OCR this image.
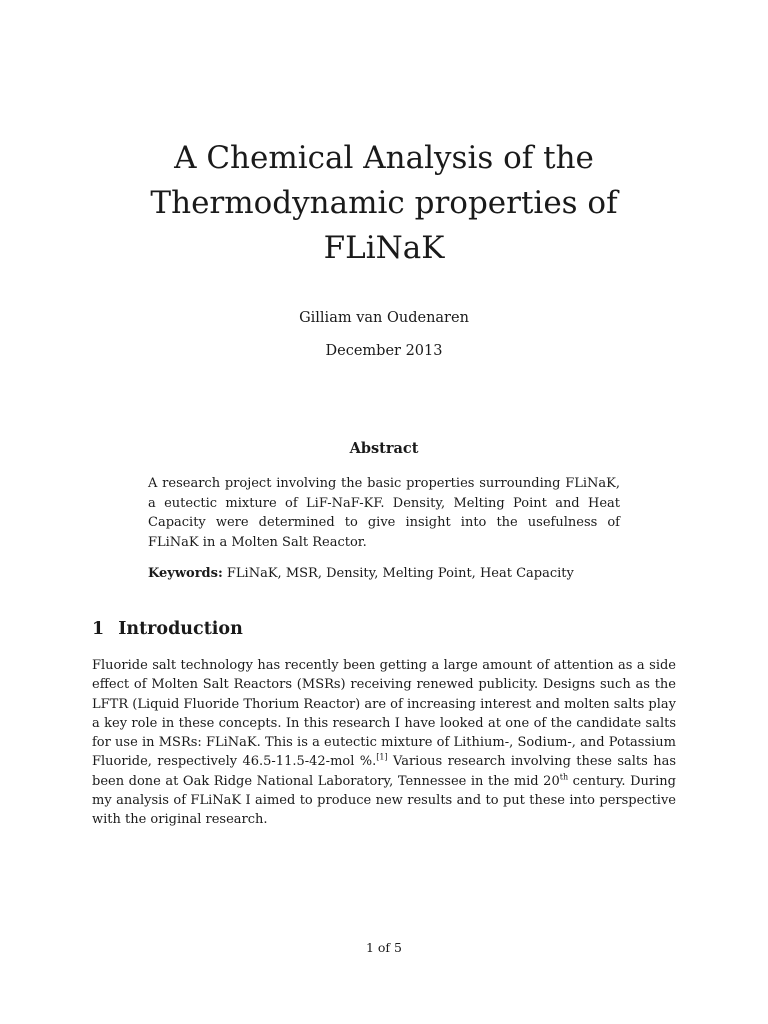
A Chemical Analysis of the
Thermodynamic properties of
FLiNaK
Gilliam van Oudenaren
December 2013
Abstract

A research project involving the basic properties surrounding FLiNaK, a eutectic mixture of LiF-NaF-KF. Density, Melting Point and Heat Capacity were determined to give insight into the usefulness of FLiNaK in a Molten Salt Reactor.

Keywords: FLiNaK, MSR, Density, Melting Point, Heat Capacity

1 Introduction

Fluoride salt technology has recently been getting a large amount of attention as a side effect of Molten Salt Reactors (MSRs) receiving renewed publicity. Designs such as the LFTR (Liquid Fluoride Thorium Reactor) are of increasing interest and molten salts play a key role in these concepts. In this research I have looked at one of the candidate salts for use in MSRs: FLiNaK. This is a eutectic mixture of Lithium-, Sodium-, and Potassium Fluoride, respectively 46.5-11.5-42-mol %.[1] Various research involving these salts has been done at Oak Ridge National Laboratory, Tennessee in the mid 20th century. During my analysis of FLiNaK I aimed to produce new results and to put these into perspective with the original research.

1 of 5
